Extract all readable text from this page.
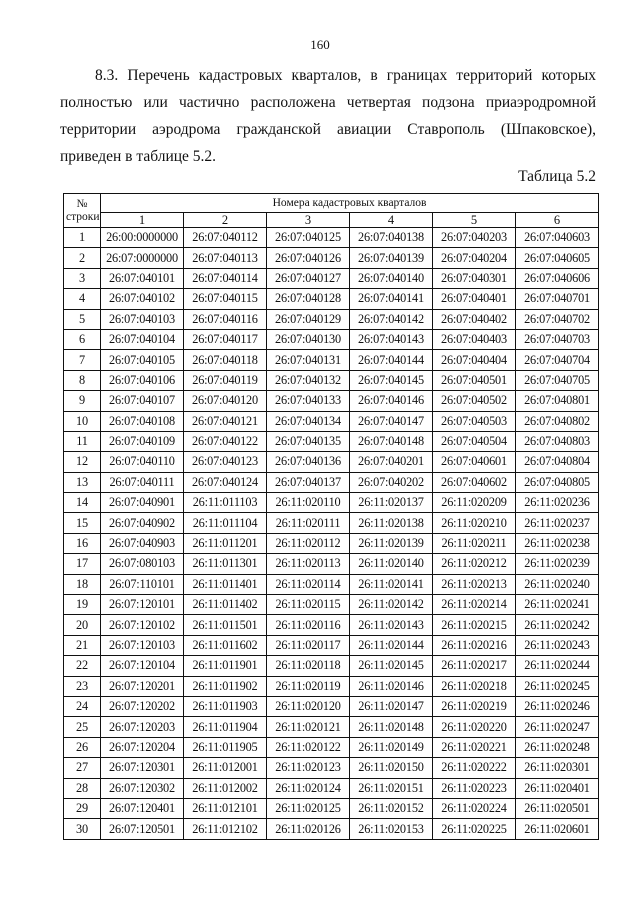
160

8.3. Перечень кадастровых кварталов, в границах территорий которых полностью или частично расположена четвертая подзона приаэродромной территории аэродрома гражданской авиации Ставрополь (Шпаковское), приведен в таблице 5.2.

Таблица 5.2
№ строки	Номера кадастровых кварталов					
	1	2	3	4	5	6
1	26:00:0000000	26:07:040112	26:07:040125	26:07:040138	26:07:040203	26:07:040603
2	26:07:0000000	26:07:040113	26:07:040126	26:07:040139	26:07:040204	26:07:040605
3	26:07:040101	26:07:040114	26:07:040127	26:07:040140	26:07:040301	26:07:040606
4	26:07:040102	26:07:040115	26:07:040128	26:07:040141	26:07:040401	26:07:040701
5	26:07:040103	26:07:040116	26:07:040129	26:07:040142	26:07:040402	26:07:040702
6	26:07:040104	26:07:040117	26:07:040130	26:07:040143	26:07:040403	26:07:040703
7	26:07:040105	26:07:040118	26:07:040131	26:07:040144	26:07:040404	26:07:040704
8	26:07:040106	26:07:040119	26:07:040132	26:07:040145	26:07:040501	26:07:040705
9	26:07:040107	26:07:040120	26:07:040133	26:07:040146	26:07:040502	26:07:040801
10	26:07:040108	26:07:040121	26:07:040134	26:07:040147	26:07:040503	26:07:040802
11	26:07:040109	26:07:040122	26:07:040135	26:07:040148	26:07:040504	26:07:040803
12	26:07:040110	26:07:040123	26:07:040136	26:07:040201	26:07:040601	26:07:040804
13	26:07:040111	26:07:040124	26:07:040137	26:07:040202	26:07:040602	26:07:040805
14	26:07:040901	26:11:011103	26:11:020110	26:11:020137	26:11:020209	26:11:020236
15	26:07:040902	26:11:011104	26:11:020111	26:11:020138	26:11:020210	26:11:020237
16	26:07:040903	26:11:011201	26:11:020112	26:11:020139	26:11:020211	26:11:020238
17	26:07:080103	26:11:011301	26:11:020113	26:11:020140	26:11:020212	26:11:020239
18	26:07:110101	26:11:011401	26:11:020114	26:11:020141	26:11:020213	26:11:020240
19	26:07:120101	26:11:011402	26:11:020115	26:11:020142	26:11:020214	26:11:020241
20	26:07:120102	26:11:011501	26:11:020116	26:11:020143	26:11:020215	26:11:020242
21	26:07:120103	26:11:011602	26:11:020117	26:11:020144	26:11:020216	26:11:020243
22	26:07:120104	26:11:011901	26:11:020118	26:11:020145	26:11:020217	26:11:020244
23	26:07:120201	26:11:011902	26:11:020119	26:11:020146	26:11:020218	26:11:020245
24	26:07:120202	26:11:011903	26:11:020120	26:11:020147	26:11:020219	26:11:020246
25	26:07:120203	26:11:011904	26:11:020121	26:11:020148	26:11:020220	26:11:020247
26	26:07:120204	26:11:011905	26:11:020122	26:11:020149	26:11:020221	26:11:020248
27	26:07:120301	26:11:012001	26:11:020123	26:11:020150	26:11:020222	26:11:020301
28	26:07:120302	26:11:012002	26:11:020124	26:11:020151	26:11:020223	26:11:020401
29	26:07:120401	26:11:012101	26:11:020125	26:11:020152	26:11:020224	26:11:020501
30	26:07:120501	26:11:012102	26:11:020126	26:11:020153	26:11:020225	26:11:020601
